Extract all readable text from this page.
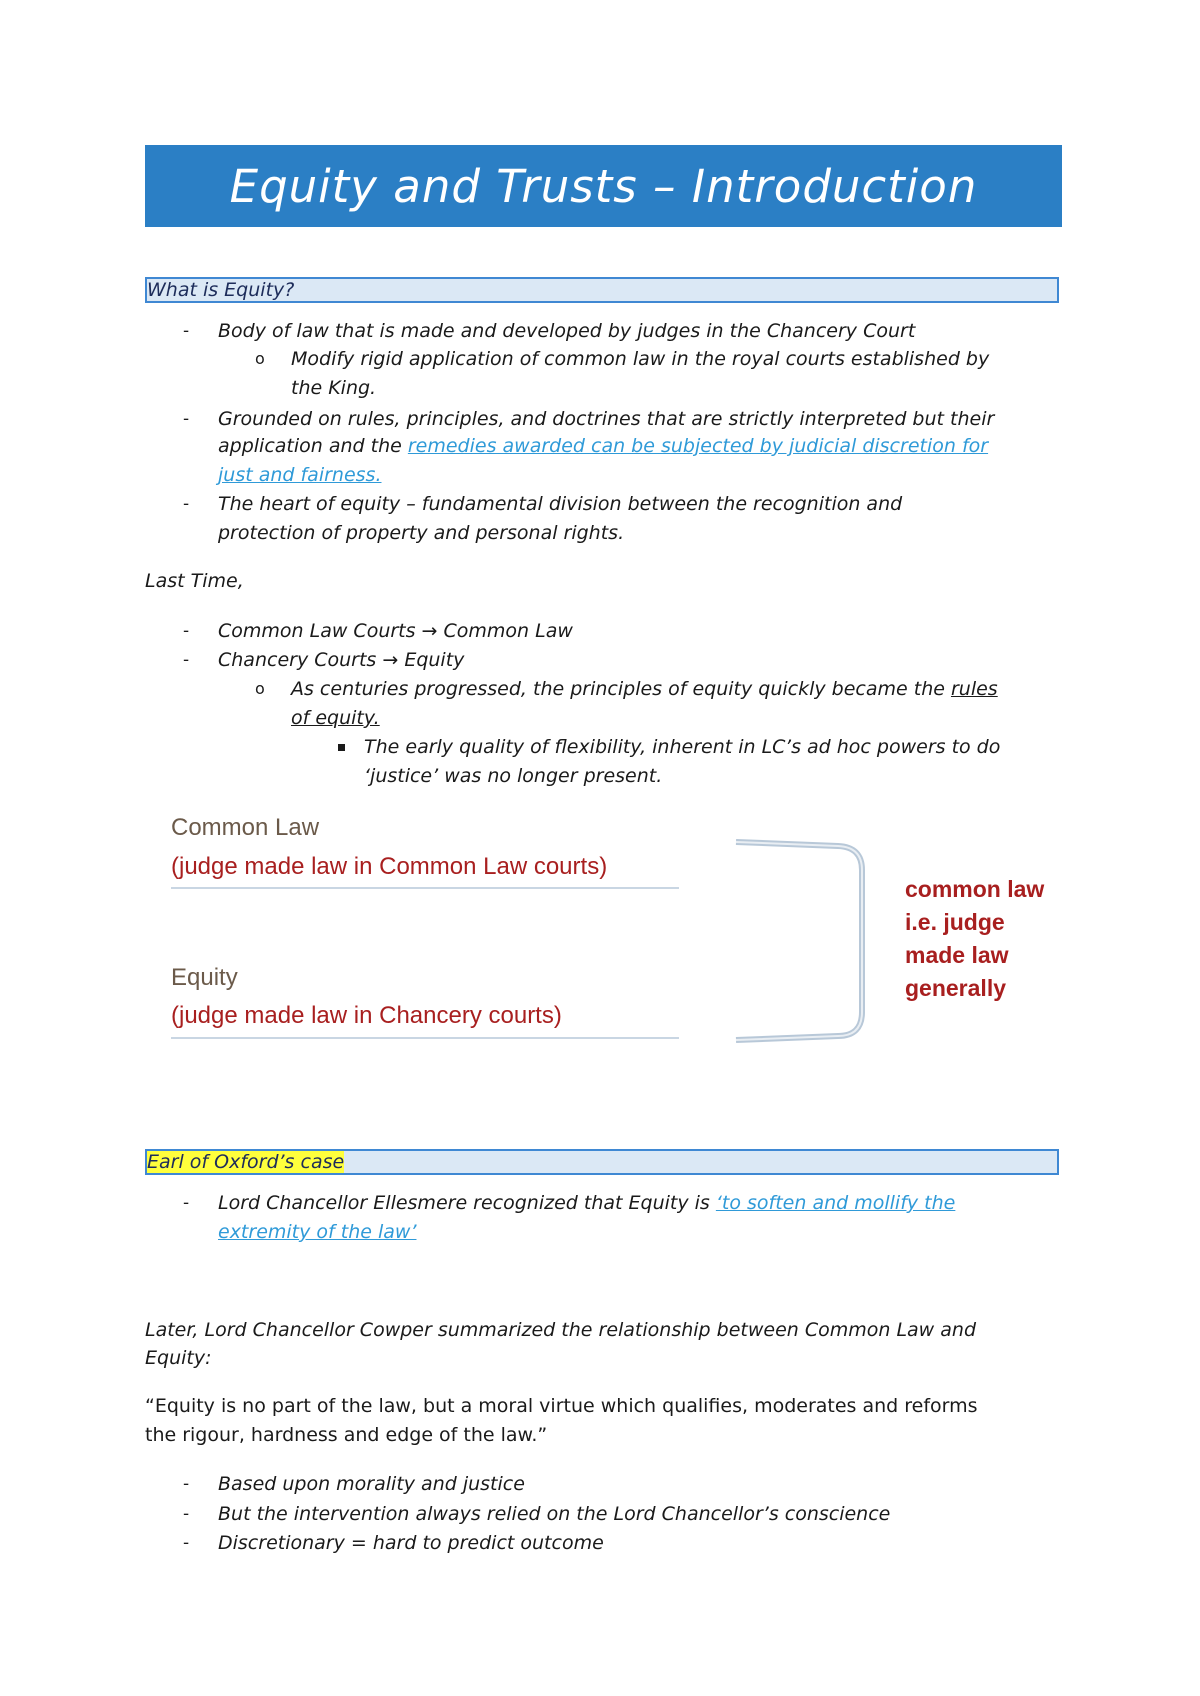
Equity and Trusts – Introduction
What is Equity?
- Body of law that is made and developed by judges in the Chancery Court
o Modify rigid application of common law in the royal courts established by
the King.
- Grounded on rules, principles, and doctrines that are strictly interpreted but their
application and the remedies awarded can be subjected by judicial discretion for
just and fairness.
- The heart of equity – fundamental division between the recognition and
protection of property and personal rights.
Last Time,
- Common Law Courts → Common Law
- Chancery Courts → Equity
o As centuries progressed, the principles of equity quickly became the rules
of equity.
The early quality of flexibility, inherent in LC’s ad hoc powers to do
‘justice’ was no longer present.
Common Law
(judge made law in Common Law courts)
Equity
(judge made law in Chancery courts)
common law
i.e. judge
made law
generally
Earl of Oxford’s case
- Lord Chancellor Ellesmere recognized that Equity is ‘to soften and mollify the
extremity of the law’
Later, Lord Chancellor Cowper summarized the relationship between Common Law and
Equity:
“Equity is no part of the law, but a moral virtue which qualifies, moderates and reforms
the rigour, hardness and edge of the law.”
- Based upon morality and justice
- But the intervention always relied on the Lord Chancellor’s conscience
- Discretionary = hard to predict outcome
